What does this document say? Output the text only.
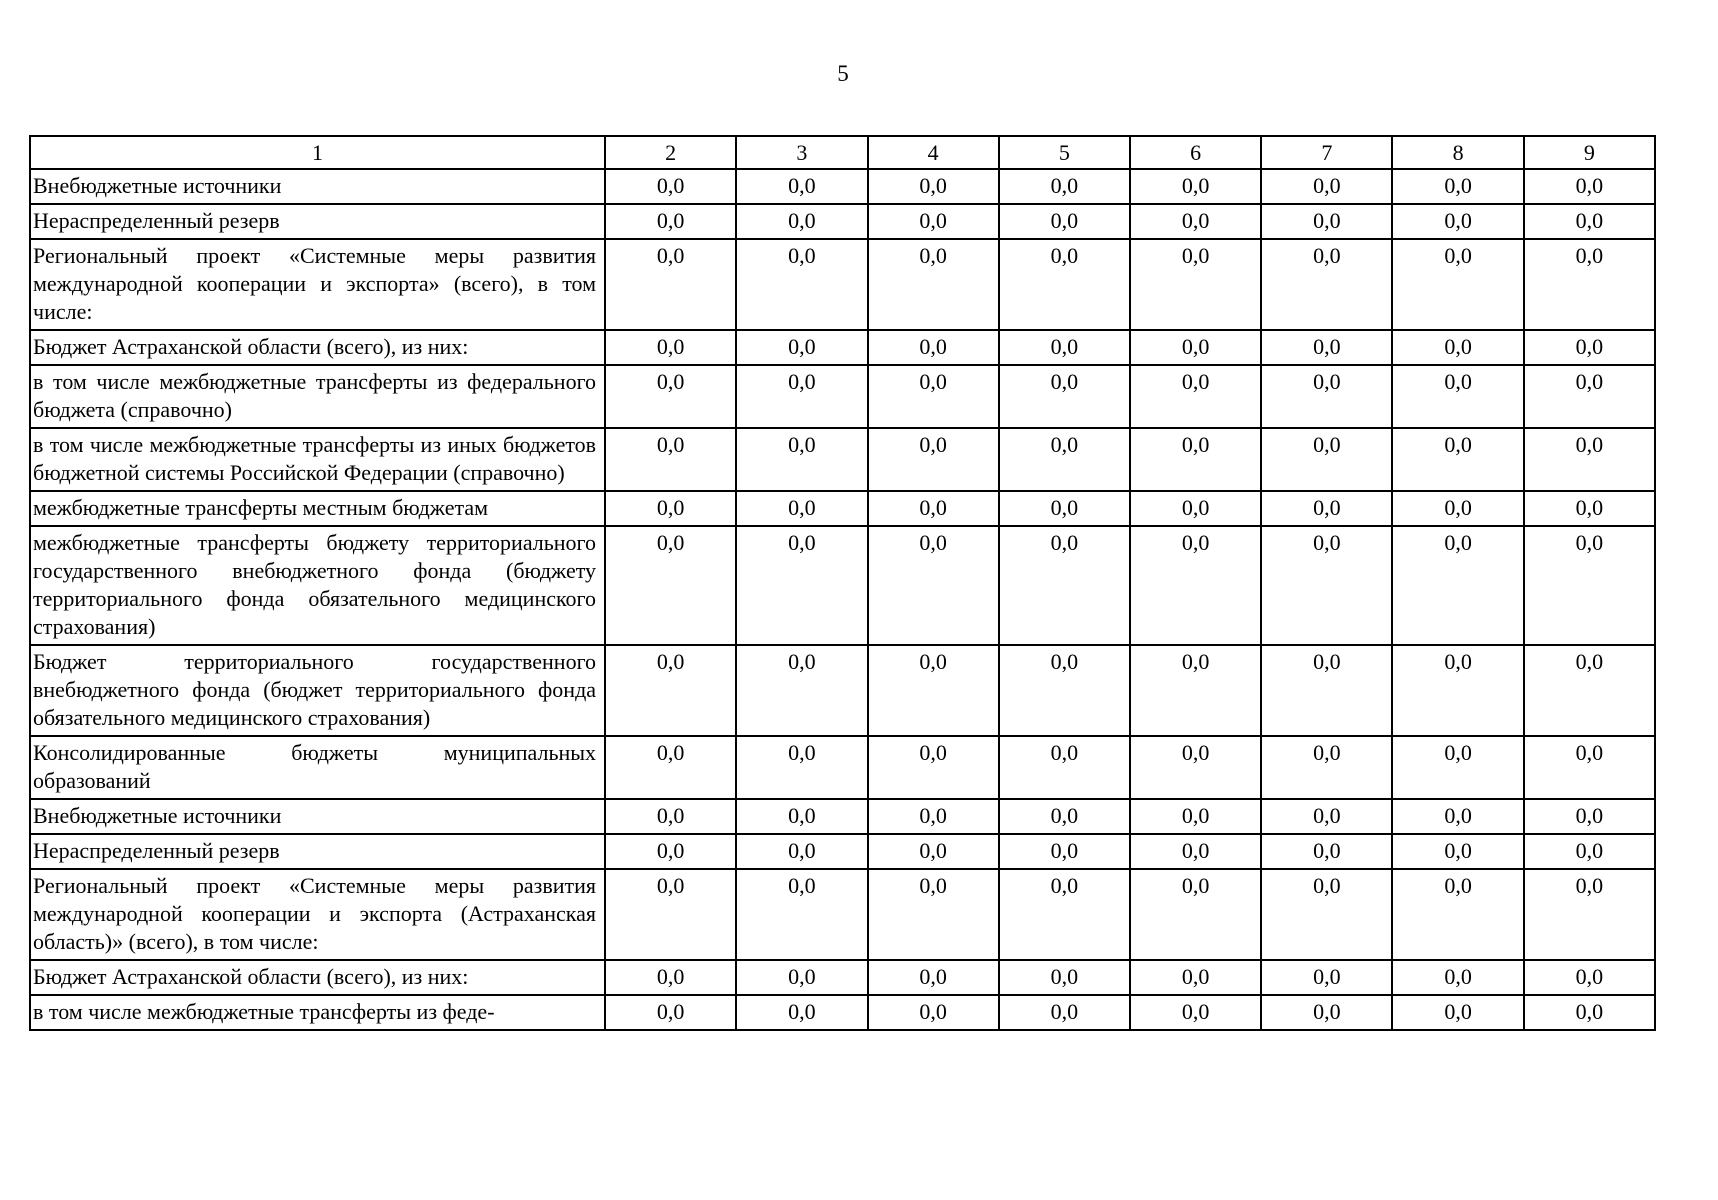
5
1	2	3	4	5	6	7	8	9
Внебюджетные источники	0,0	0,0	0,0	0,0	0,0	0,0	0,0	0,0
Нераспределенный резерв	0,0	0,0	0,0	0,0	0,0	0,0	0,0	0,0
Региональный проект «Системные меры развития международной кооперации и экспорта» (всего), в том числе:	0,0	0,0	0,0	0,0	0,0	0,0	0,0	0,0
Бюджет Астраханской области (всего), из них:	0,0	0,0	0,0	0,0	0,0	0,0	0,0	0,0
в том числе межбюджетные трансферты из федерального бюджета (справочно)	0,0	0,0	0,0	0,0	0,0	0,0	0,0	0,0
в том числе межбюджетные трансферты из иных бюджетов бюджетной системы Российской Федерации (справочно)	0,0	0,0	0,0	0,0	0,0	0,0	0,0	0,0
межбюджетные трансферты местным бюджетам	0,0	0,0	0,0	0,0	0,0	0,0	0,0	0,0
межбюджетные трансферты бюджету территориального государственного внебюджетного фонда (бюджету территориального фонда обязательного медицинского страхования)	0,0	0,0	0,0	0,0	0,0	0,0	0,0	0,0
Бюджет территориального государственного внебюджетного фонда (бюджет территориального фонда обязательного медицинского страхования)	0,0	0,0	0,0	0,0	0,0	0,0	0,0	0,0
Консолидированные бюджеты муниципальных образований	0,0	0,0	0,0	0,0	0,0	0,0	0,0	0,0
Внебюджетные источники	0,0	0,0	0,0	0,0	0,0	0,0	0,0	0,0
Нераспределенный резерв	0,0	0,0	0,0	0,0	0,0	0,0	0,0	0,0
Региональный проект «Системные меры развития международной кооперации и экспорта (Астраханская область)» (всего), в том числе:	0,0	0,0	0,0	0,0	0,0	0,0	0,0	0,0
Бюджет Астраханской области (всего), из них:	0,0	0,0	0,0	0,0	0,0	0,0	0,0	0,0
в том числе межбюджетные трансферты из феде-	0,0	0,0	0,0	0,0	0,0	0,0	0,0	0,0
